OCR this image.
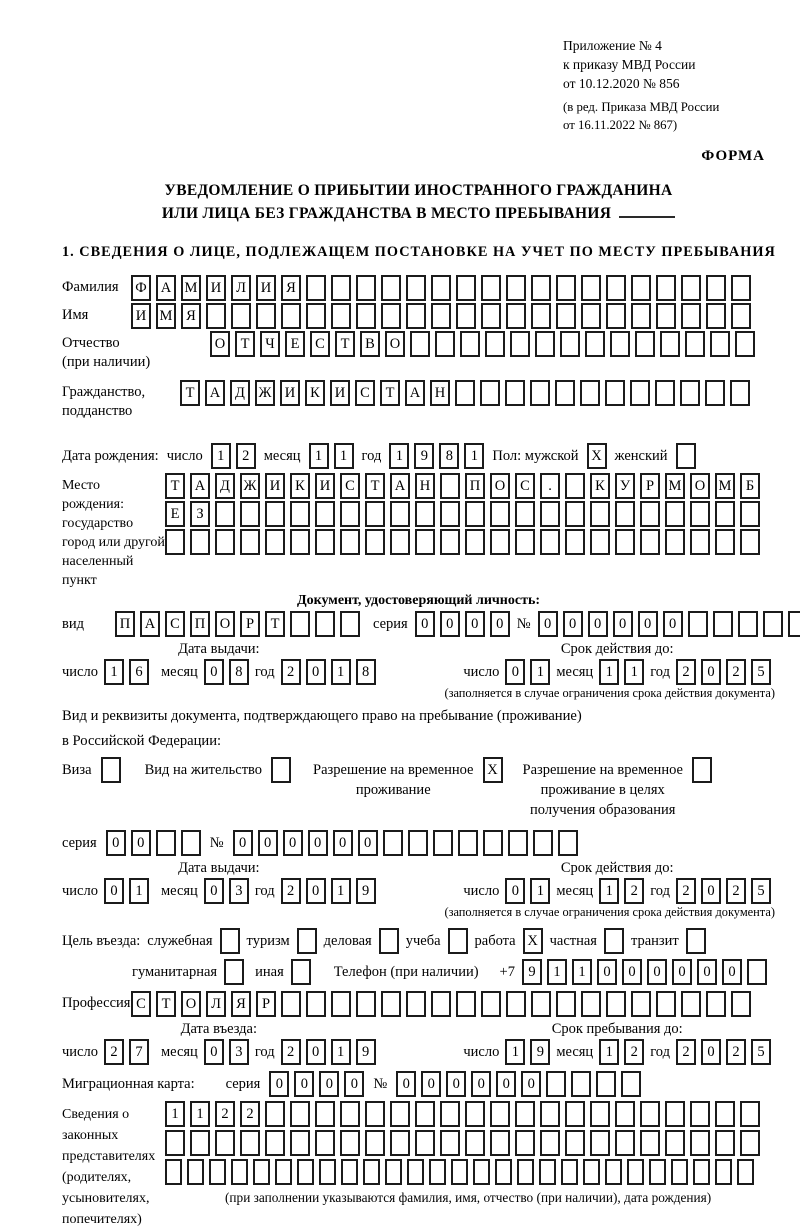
Приложение № 4
к приказу МВД России
от 10.12.2020 № 856
(в ред. Приказа МВД России
от 16.11.2022 № 867)
ФОРМА
УВЕДОМЛЕНИЕ О ПРИБЫТИИ ИНОСТРАННОГО ГРАЖДАНИНА
ИЛИ ЛИЦА БЕЗ ГРАЖДАНСТВА В МЕСТО ПРЕБЫВАНИЯ
1. СВЕДЕНИЯ О ЛИЦЕ, ПОДЛЕЖАЩЕМ ПОСТАНОВКЕ НА УЧЕТ ПО МЕСТУ ПРЕБЫВАНИЯ
Фамилия	Ф А М И	Л	И	Я
Имя	И М Я
Отчество
(при наличии)
О	Т	Ч	Е	С	Т	В	О
Гражданство,
подданство
Т	А	Д Ж И	К	И	С	Т	А	Н
Дата рождения: число 1	2 месяц 1	1 год 1	9	8	1 Пол: мужской X женский
Место рождения:
государство
город или другой
населенный пункт
Т	А	Д Ж И	К	И	С	Т	А	Н	П	О	С	.	К	У	Р	М О М Б
Е	З
Документ, удостоверяющий личность:
вид	П	А	С	П	О	Р	Т	серия 0	0	0	0 № 0	0	0	0	0	0
Дата выдачи:
число 1	6	месяц 0	8 год 2	0	1	8
Срок действия до:
число 0	1 месяц 1	1 год 2	0	2	5
(заполняется в случае ограничения срока действия документа)
Вид и реквизиты документа, подтверждающего право на пребывание (проживание)
в Российской Федерации:
Виза	Вид на жительство	Разрешение на временное
проживание
X	Разрешение на временное
проживание в целях
получения образования
серия	0	0	№	0	0	0	0	0	0
Дата выдачи:
число 0	1	месяц 0	3 год 2	0	1	9
Срок действия до:
число 0	1 месяц 1	2 год 2	0	2	5
(заполняется в случае ограничения срока действия документа)
Цель въезда: служебная туризм деловая учеба работа X частная транзит
гуманитарная	иная	Телефон (при наличии) +7 9	1	1	0	0	0	0	0	0
Профессия С	Т	О	Л	Я	Р
Дата въезда:
число 2	7	месяц 0	3 год 2	0	1	9
Срок пребывания до:
число 1	9 месяц 1	2 год 2	0	2	5
Миграционная карта: серия	0	0	0	0	№	0	0	0	0	0	0
Сведения о
законных
представителях
(родителях,
усыновителях,
попечителях)
1	1	2	2
(при заполнении указываются фамилия, имя, отчество (при наличии), дата рождения)
